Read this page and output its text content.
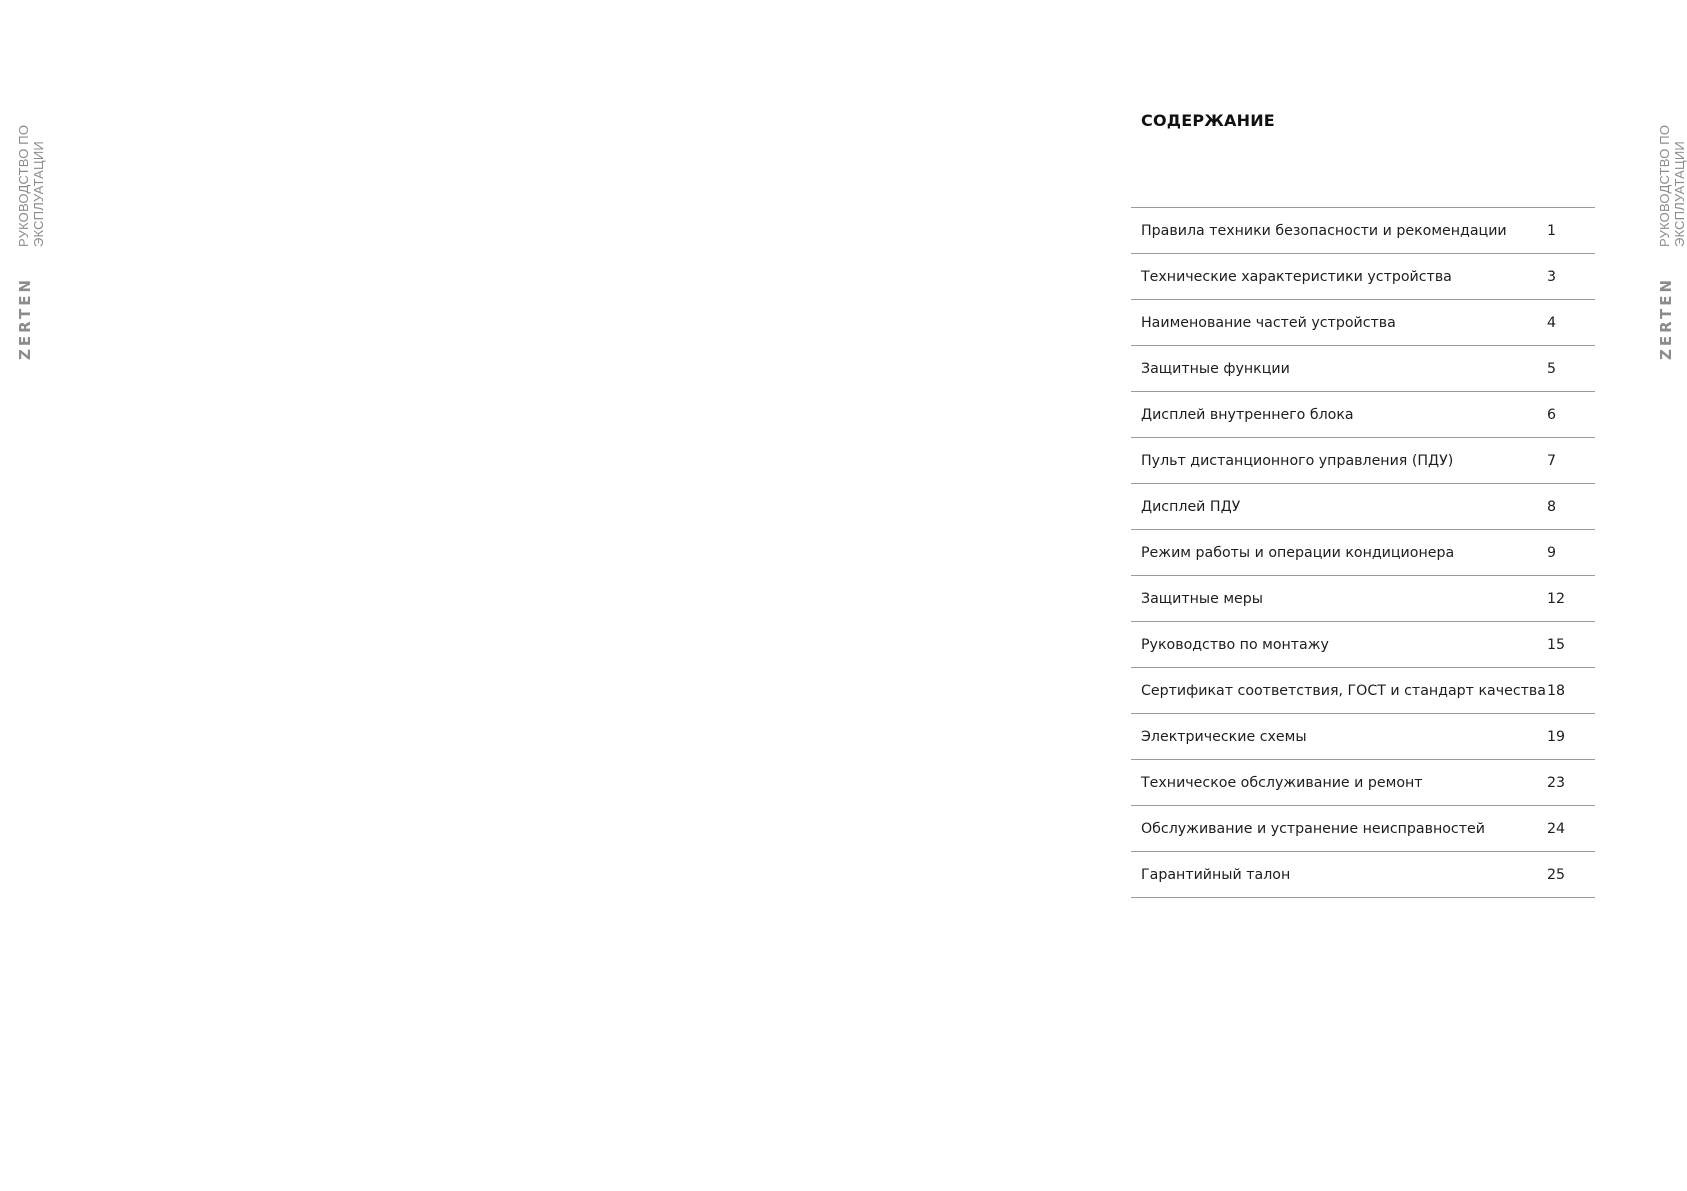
РУКОВОДСТВО ПО ЭКСПЛУАТАЦИИ
ZERTEN
РУКОВОДСТВО ПО ЭКСПЛУАТАЦИИ
ZERTEN
СОДЕРЖАНИЕ
Правила техники безопасности и рекомендации	1
Технические характеристики устройства	3
Наименование частей устройства	4
Защитные функции	5
Дисплей внутреннего блока	6
Пульт дистанционного управления (ПДУ)	7
Дисплей ПДУ	8
Режим работы и операции кондиционера	9
Защитные меры	12
Руководство по монтажу	15
Сертификат соответствия, ГОСТ и стандарт качества 18
Электрические схемы	19
Техническое обслуживание и ремонт	23
Обслуживание и устранение неисправностей	24
Гарантийный талон	25
